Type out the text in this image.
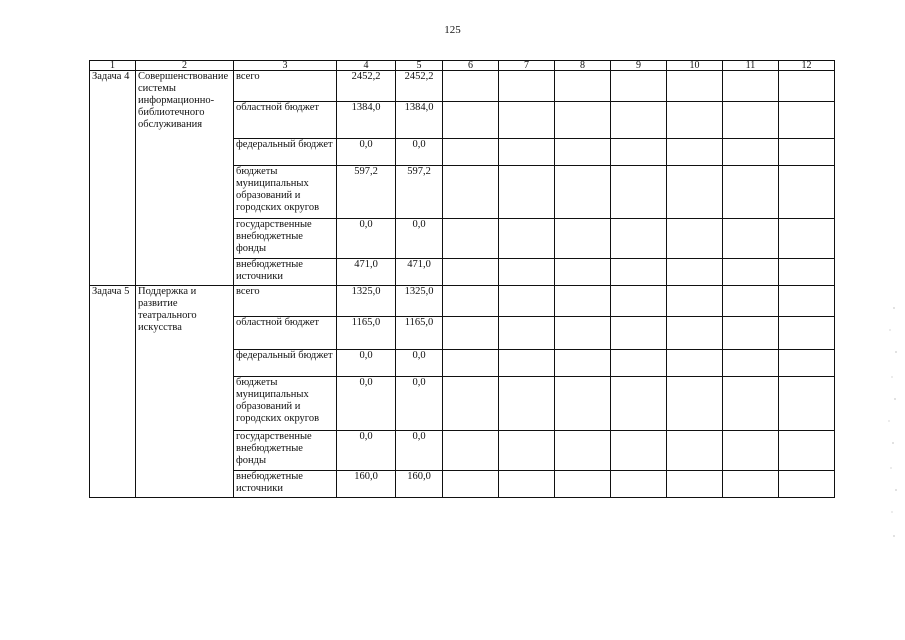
125
1	2	3	4	5	6	7	8	9	10	11	12
Задача 4	Совершенствование системы информационно-библиотечного обслуживания	всего	2452,2	2452,2							
		областной бюджет	1384,0	1384,0							
		федеральный бюджет	0,0	0,0							
		бюджеты муниципальных образований и городских округов	597,2	597,2							
		государственные внебюджетные фонды	0,0	0,0							
		внебюджетные источники	471,0	471,0							
Задача 5	Поддержка и развитие театрального искусства	всего	1325,0	1325,0							
		областной бюджет	1165,0	1165,0							
		федеральный бюджет	0,0	0,0							
		бюджеты муниципальных образований и городских округов	0,0	0,0							
		государственные внебюджетные фонды	0,0	0,0							
		внебюджетные источники	160,0	160,0							
